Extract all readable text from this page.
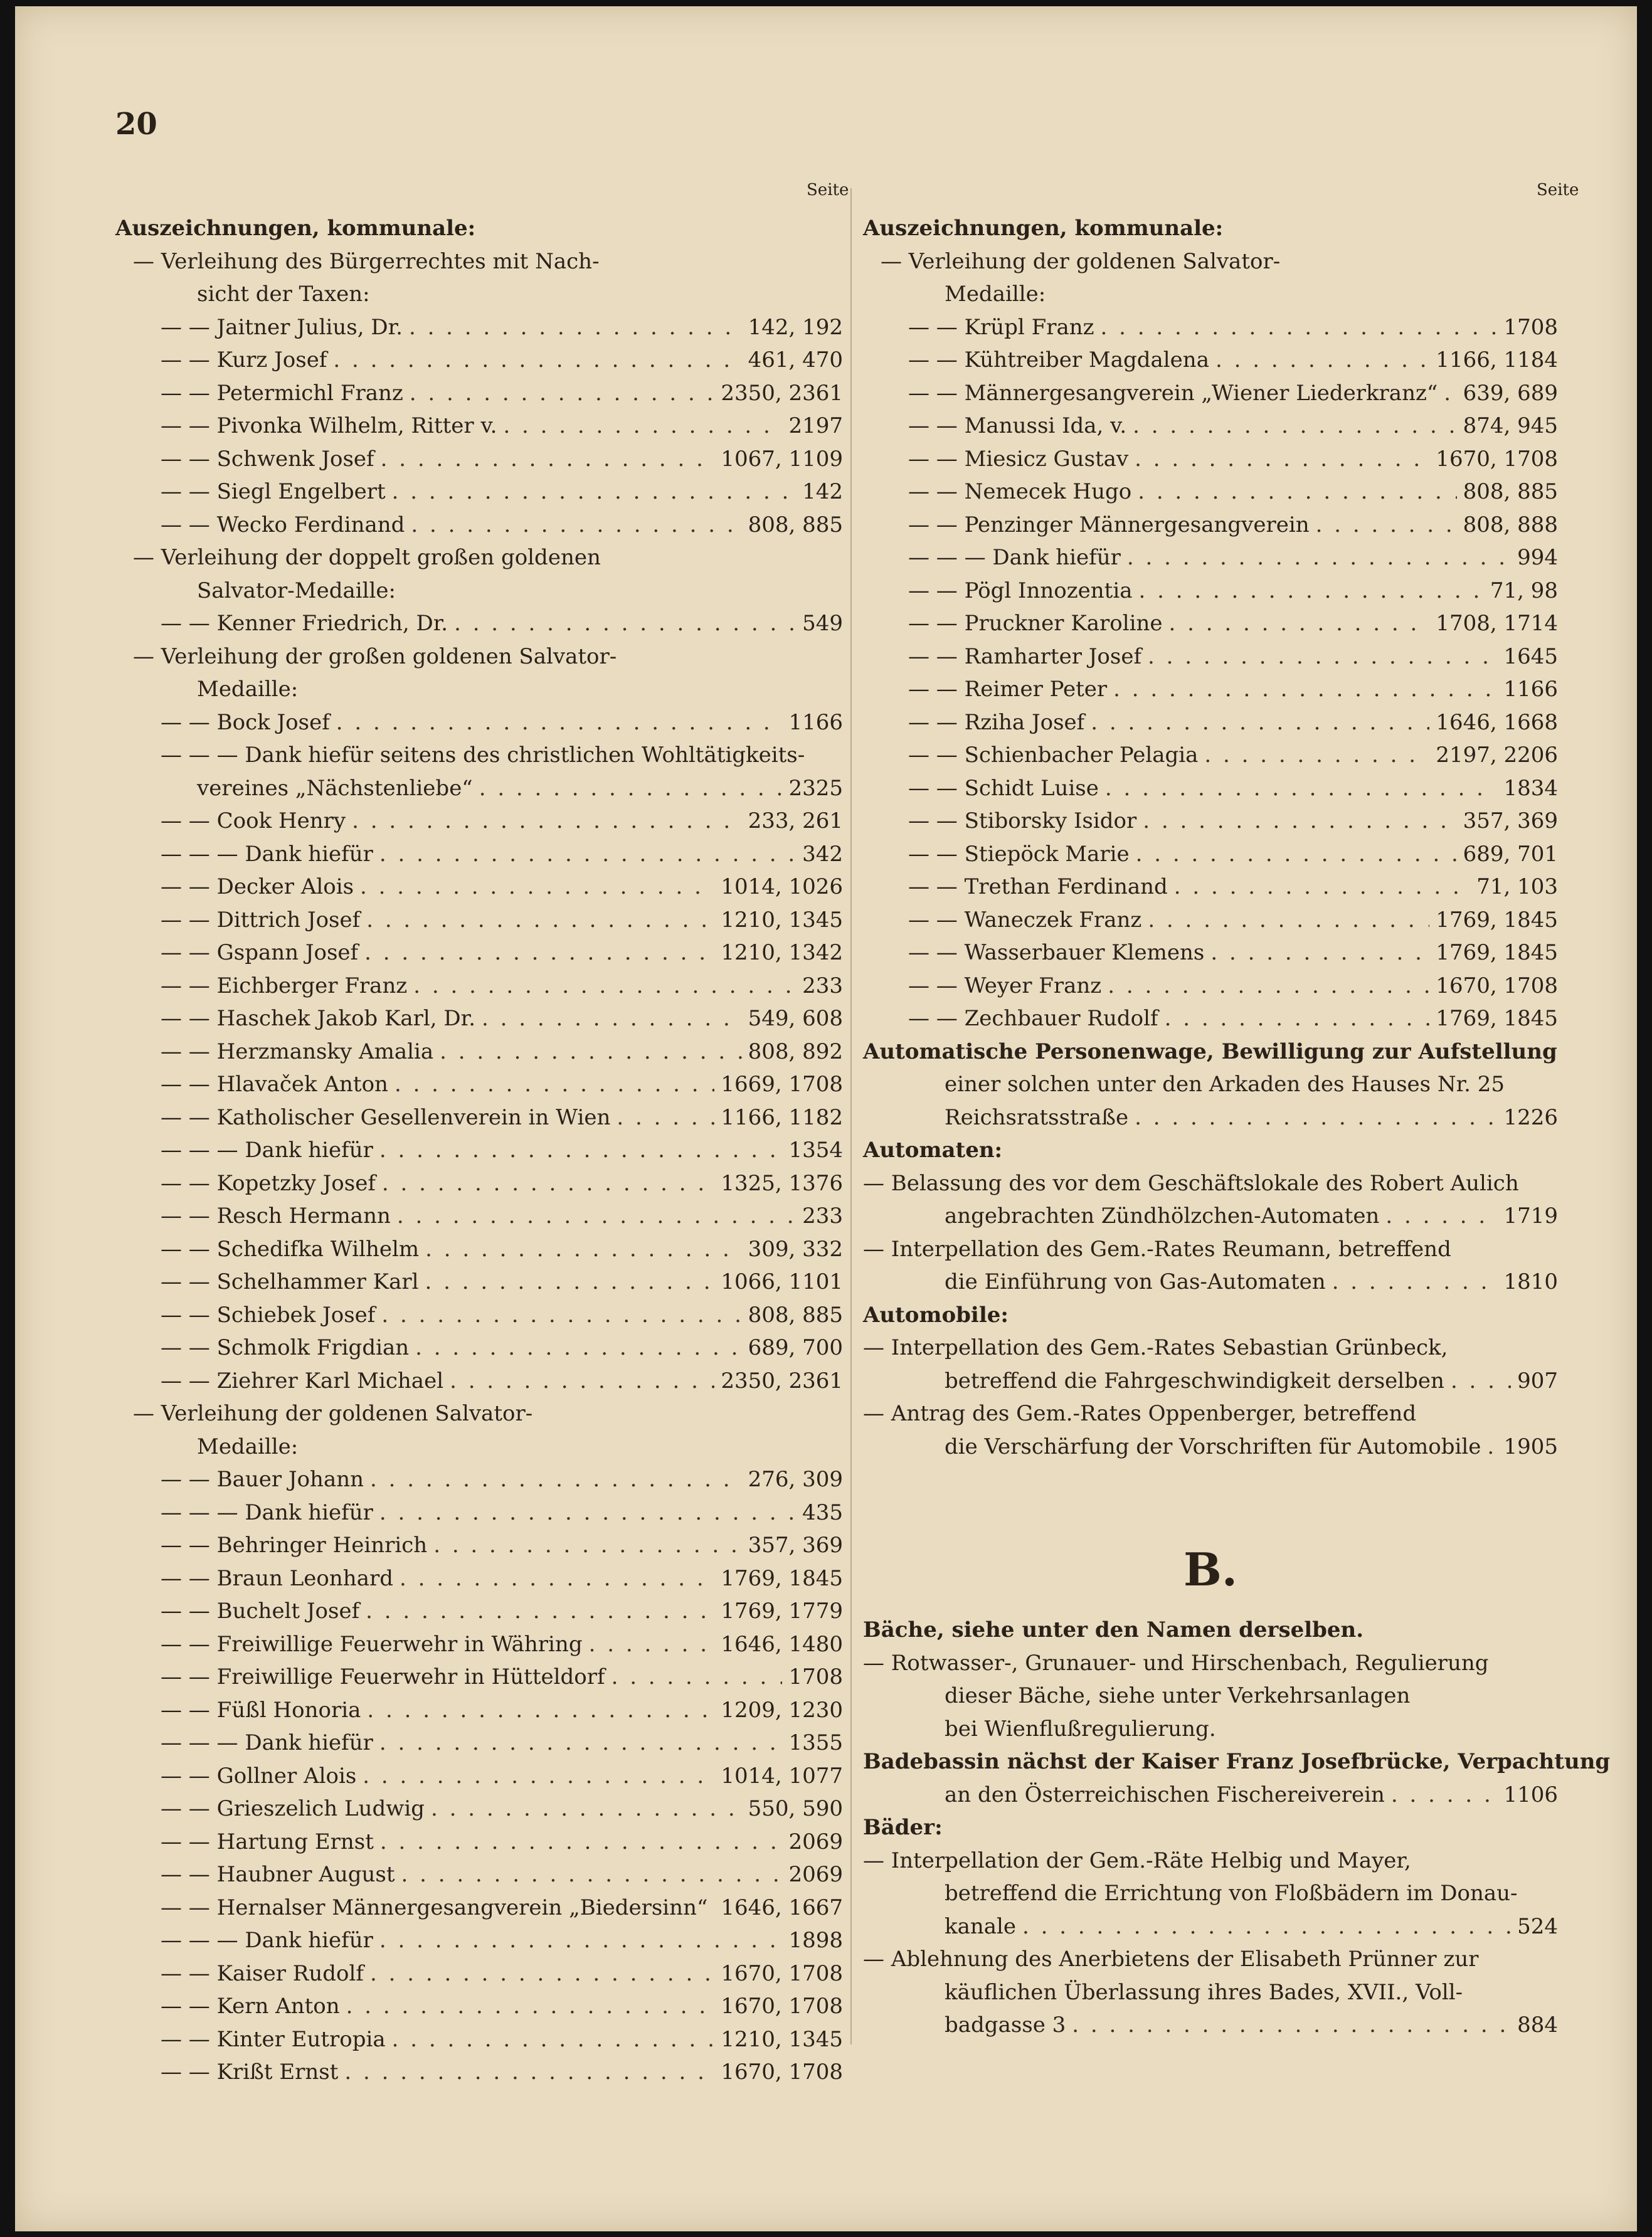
20
Seite	Seite
Auszeichnungen, kommunale:
— Verleihung des Bürgerrechtes mit Nach-
sicht der Taxen:
— — Jaitner Julius, Dr. . . .	142, 192
— — Kurz Josef . . .	461, 470
— — Petermichl Franz . . .	2350, 2361
— — Pivonka Wilhelm, Ritter v. . . .	2197
— — Schwenk Josef . . .	1067, 1109
— — Siegl Engelbert . . .	142
— — Wecko Ferdinand . . .	808, 885
— Verleihung der doppelt großen goldenen
Salvator-Medaille:
— — Kenner Friedrich, Dr. . . .	549
— Verleihung der großen goldenen Salvator-
Medaille:
— — Bock Josef . . .	1166
— — — Dank hiefür seitens des christlichen Wohltätigkeits-
vereines „Nächstenliebe“ . . .	2325
— — Cook Henry . . .	233, 261
— — — Dank hiefür . . .	342
— — Decker Alois . . .	1014, 1026
— — Dittrich Josef . . .	1210, 1345
— — Gspann Josef . . .	1210, 1342
— — Eichberger Franz . . .	233
— — Haschek Jakob Karl, Dr. . . .	549, 608
— — Herzmansky Amalia . . .	808, 892
— — Hlavaček Anton . . .	1669, 1708
— — Katholischer Gesellenverein in Wien . . .	1166, 1182
— — — Dank hiefür . . .	1354
— — Kopetzky Josef . . .	1325, 1376
— — Resch Hermann . . .	233
— — Schedifka Wilhelm . . .	309, 332
— — Schelhammer Karl . . .	1066, 1101
— — Schiebek Josef . . .	808, 885
— — Schmolk Frigdian . . .	689, 700
— — Ziehrer Karl Michael . . .	2350, 2361
— Verleihung der goldenen Salvator-
Medaille:
— — Bauer Johann . . .	276, 309
— — — Dank hiefür . . .	435
— — Behringer Heinrich . . .	357, 369
— — Braun Leonhard . . .	1769, 1845
— — Buchelt Josef . . .	1769, 1779
— — Freiwillige Feuerwehr in Währing . . .	1646, 1480
— — Freiwillige Feuerwehr in Hütteldorf . . .	1708
— — Füßl Honoria . . .	1209, 1230
— — — Dank hiefür . . .	1355
— — Gollner Alois . . .	1014, 1077
— — Grieszelich Ludwig . . .	550, 590
— — Hartung Ernst . . .	2069
— — Haubner August . . .	2069
— — Hernalser Männergesangverein „Biedersinn“ . . . 1646, 1667
— — — Dank hiefür . . .	1898
— — Kaiser Rudolf . . .	1670, 1708
— — Kern Anton . . .	1670, 1708
— — Kinter Eutropia . . .	1210, 1345
— — Krißt Ernst . . .	1670, 1708
Auszeichnungen, kommunale:
— Verleihung der goldenen Salvator-
Medaille:
— — Krüpl Franz . . .	1708
— — Kühtreiber Magdalena . . .	1166, 1184
— — Männergesangverein „Wiener Liederkranz“ . . . 639, 689
— — Manussi Ida, v. . . .	874, 945
— — Miesicz Gustav . . .	1670, 1708
— — Nemecek Hugo . . .	808, 885
— — Penzinger Männergesangverein . . .	808, 888
— — — Dank hiefür . . .	994
— — Pögl Innozentia . . .	71, 98
— — Pruckner Karoline . . .	1708, 1714
— — Ramharter Josef . . .	1645
— — Reimer Peter . . .	1166
— — Rziha Josef . . .	1646, 1668
— — Schienbacher Pelagia . . .	2197, 2206
— — Schidt Luise . . .	1834
— — Stiborsky Isidor . . .	357, 369
— — Stiepöck Marie . . .	689, 701
— — Trethan Ferdinand . . .	71, 103
— — Waneczek Franz . . .	1769, 1845
— — Wasserbauer Klemens . . .	1769, 1845
— — Weyer Franz . . .	1670, 1708
— — Zechbauer Rudolf . . .	1769, 1845
Automatische Personenwage, Bewilligung zur Aufstellung
einer solchen unter den Arkaden des Hauses Nr. 25
Reichsratsstraße . . .	1226
Automaten:
— Belassung des vor dem Geschäftslokale des Robert Aulich
angebrachten Zündhölzchen-Automaten . . .	1719
— Interpellation des Gem.-Rates Reumann, betreffend
die Einführung von Gas-Automaten . . .	1810
Automobile:
— Interpellation des Gem.-Rates Sebastian Grünbeck,
betreffend die Fahrgeschwindigkeit derselben . . .	907
— Antrag des Gem.-Rates Oppenberger, betreffend
die Verschärfung der Vorschriften für Automobile . . . 1905
B.
Bäche, siehe unter den Namen derselben.
— Rotwasser-, Grunauer- und Hirschenbach, Regulierung
dieser Bäche, siehe unter Verkehrsanlagen
bei Wienflußregulierung.
Badebassin nächst der Kaiser Franz Josefbrücke, Verpachtung
an den Österreichischen Fischereiverein . . .	1106
Bäder:
— Interpellation der Gem.-Räte Helbig und Mayer,
betreffend die Errichtung von Floßbädern im Donau-
kanale . . .	524
— Ablehnung des Anerbietens der Elisabeth Prünner zur
käuflichen Überlassung ihres Bades, XVII., Voll-
badgasse 3 . . .	884
